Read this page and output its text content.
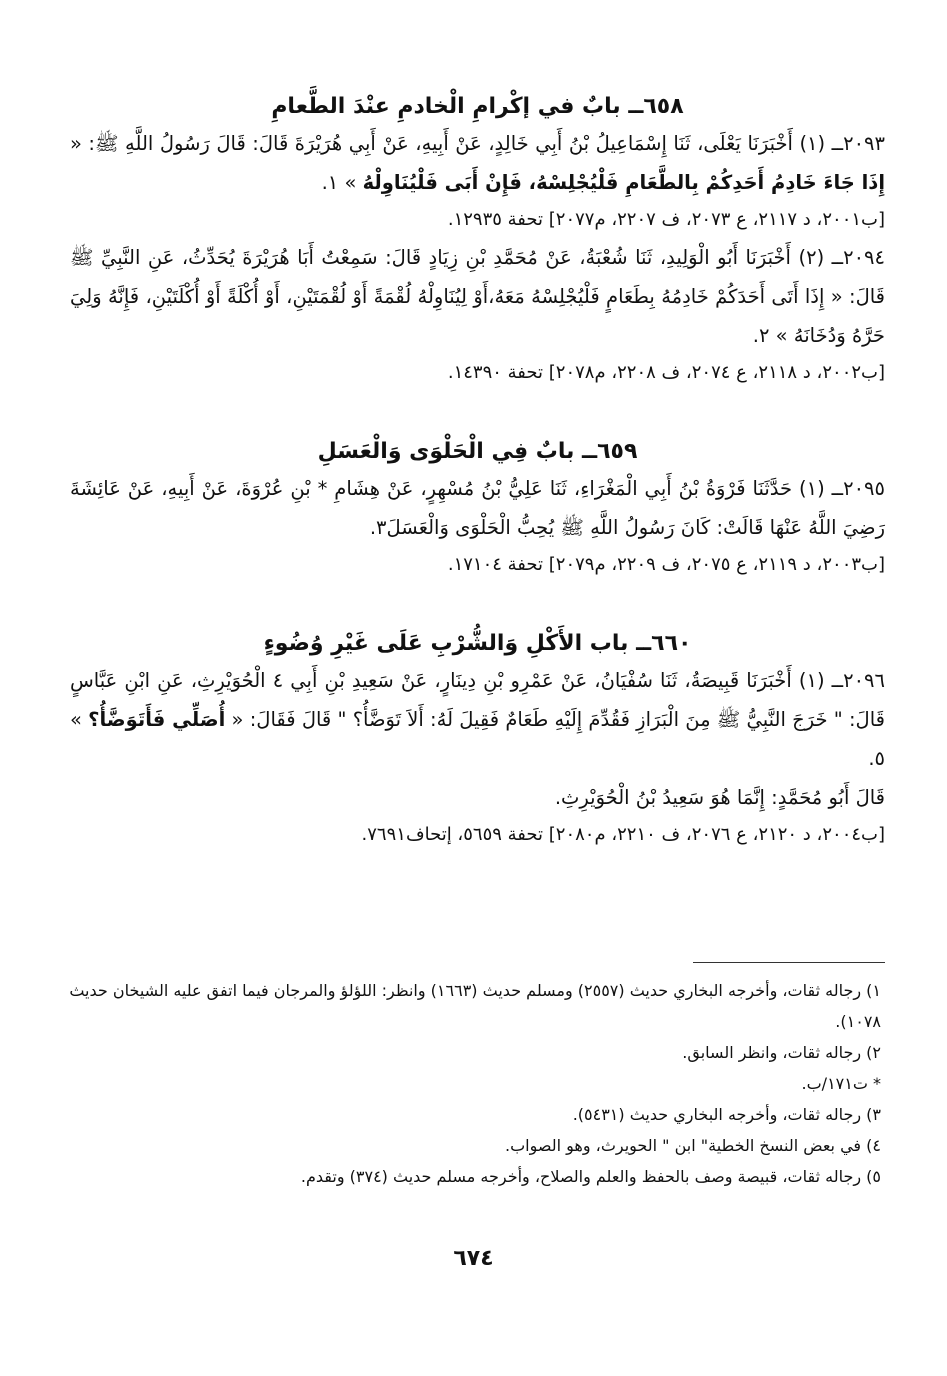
٦٥٨ــ بابٌ في إكْرامِ الْخادمِ عنْدَ الطَّعامِ

٢٠٩٣ــ (١) أَخْبَرَنَا يَعْلَى، ثَنَا إِسْمَاعِيلُ بْنُ أَبِي خَالِدٍ، عَنْ أَبِيهِ، عَنْ أَبِي هُرَيْرَةَ قَالَ: قَالَ رَسُولُ اللَّهِ ﷺ: « إِذَا جَاءَ خَادِمُ أَحَدِكُمْ بِالطَّعَامِ فَلْيُجْلِسْهُ، فَإِنْ أَبَى فَلْيُنَاوِلْهُ » ١.

[ب٢٠٠١، د ٢١١٧، ع ٢٠٧٣، ف ٢٢٠٧، م٢٠٧٧] تحفة ١٢٩٣٥.

٢٠٩٤ــ (٢) أَخْبَرَنَا أَبُو الْوَلِيدِ، ثَنَا شُعْبَةُ، عَنْ مُحَمَّدِ بْنِ زِيَادٍ قَالَ: سَمِعْتُ أَبَا هُرَيْرَةَ يُحَدِّثُ، عَنِ النَّبِيِّ ﷺ قَالَ: « إِذَا أَتَى أَحَدَكُمْ خَادِمُهُ بِطَعَامٍ فَلْيُجْلِسْهُ مَعَهُ،أَوْ لِيُنَاوِلْهُ لُقْمَةً أَوْ لُقْمَتَيْنِ، أَوْ أُكْلَةً أَوْ أُكْلَتَيْنِ، فَإِنَّهُ وَلِيَ حَرَّهُ وَدُخَانَهُ » ٢.

[ب٢٠٠٢، د ٢١١٨، ع ٢٠٧٤، ف ٢٢٠٨، م٢٠٧٨] تحفة ١٤٣٩٠.

٦٥٩ــ بابٌ فِي الْحَلْوَى وَالْعَسَلِ

٢٠٩٥ــ (١) حَدَّثَنَا فَرْوَةُ بْنُ أَبِي الْمَغْرَاءِ، ثَنَا عَلِيُّ بْنُ مُسْهِرٍ، عَنْ هِشَامِ * بْنِ عُرْوَةَ، عَنْ أَبِيهِ، عَنْ عَائِشَةَ رَضِيَ اللَّهُ عَنْهَا قَالَتْ: كَانَ رَسُولُ اللَّهِ ﷺ يُحِبُّ الْحَلْوَى وَالْعَسَلَ٣.

[ب٢٠٠٣، د ٢١١٩، ع ٢٠٧٥، ف ٢٢٠٩، م٢٠٧٩] تحفة ١٧١٠٤.

٦٦٠ــ باب الأَكْلِ وَالشُّرْبِ عَلَى غَيْرِ وُضُوءٍ

٢٠٩٦ــ (١) أَخْبَرَنَا قَبِيصَةُ، ثَنَا سُفْيَانُ، عَنْ عَمْرِو بْنِ دِينَارٍ، عَنْ سَعِيدِ بْنِ أَبِي ٤ الْحُوَيْرِثِ، عَنِ ابْنِ عَبَّاسٍ قَالَ: " خَرَجَ النَّبِيُّ ﷺ مِنَ الْبَرَازِ فَقُدِّمَ إِلَيْهِ طَعَامٌ فَقِيلَ لَهُ: أَلاَ تَوَضَّأُ؟ " قَالَ فَقَالَ: « أُصَلِّي فَأَتَوَضَّأُ؟ » ٥.

قَالَ أَبُو مُحَمَّدٍ: إِنَّمَا هُوَ سَعِيدُ بْنُ الْحُوَيْرِثِ.

[ب٢٠٠٤، د ٢١٢٠، ع ٢٠٧٦، ف ٢٢١٠، م٢٠٨٠] تحفة ٥٦٥٩، إتحاف٧٦٩١.

١) رجاله ثقات، وأخرجه البخاري حديث (٢٥٥٧) ومسلم حديث (١٦٦٣) وانظر: اللؤلؤ والمرجان فيما اتفق عليه الشيخان حديث ١٠٧٨).

٢) رجاله ثقات، وانظر السابق.

* ت١٧١/ب.

٣) رجاله ثقات، وأخرجه البخاري حديث (٥٤٣١).

٤) في بعض النسخ الخطية" ابن " الحويرث، وهو الصواب.

٥) رجاله ثقات، قبيصة وصف بالحفظ والعلم والصلاح، وأخرجه مسلم حديث (٣٧٤) وتقدم.

٦٧٤
